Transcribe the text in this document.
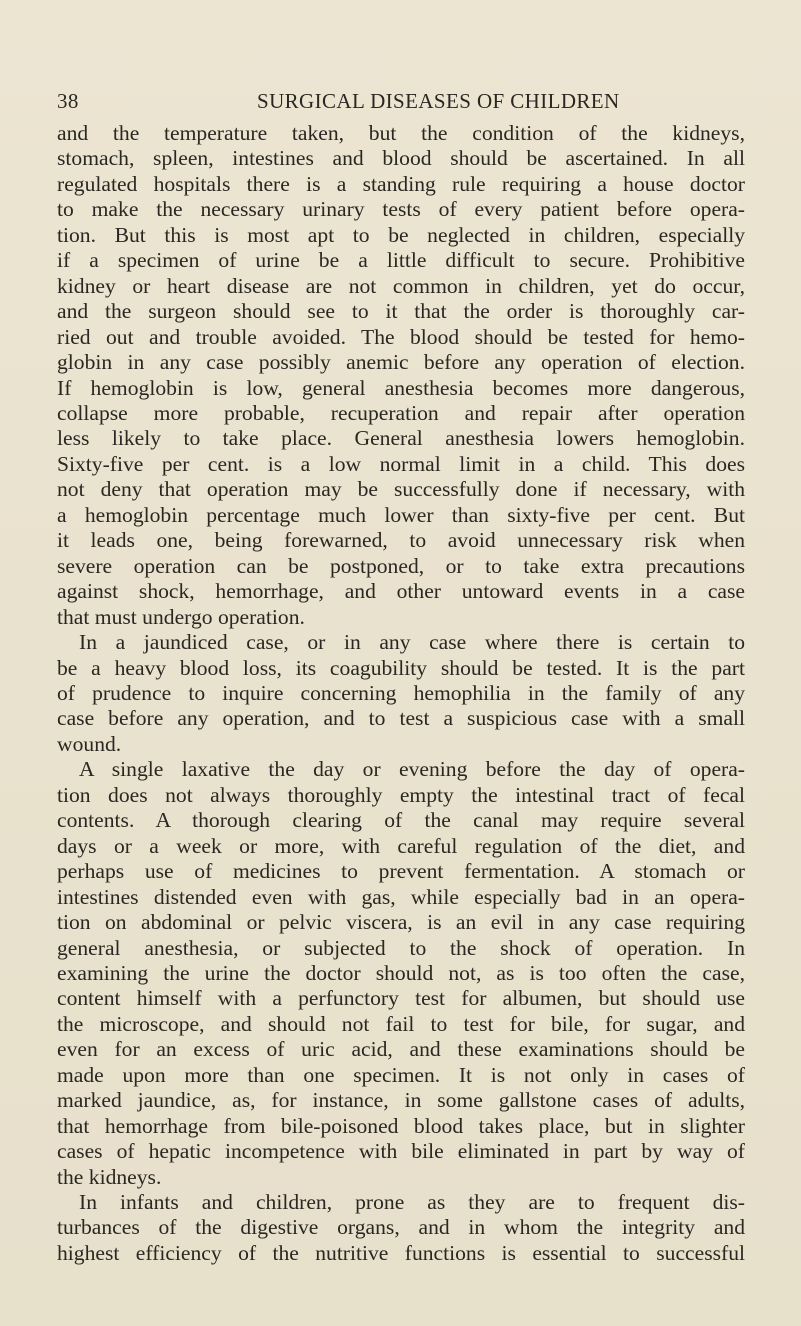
38	SURGICAL DISEASES OF CHILDREN
and the temperature taken, but the condition of the kidneys,
stomach, spleen, intestines and blood should be ascertained. In all
regulated hospitals there is a standing rule requiring a house doctor
to make the necessary urinary tests of every patient before opera-
tion. But this is most apt to be neglected in children, especially
if a specimen of urine be a little difficult to secure. Prohibitive
kidney or heart disease are not common in children, yet do occur,
and the surgeon should see to it that the order is thoroughly car-
ried out and trouble avoided. The blood should be tested for hemo-
globin in any case possibly anemic before any operation of election.
If hemoglobin is low, general anesthesia becomes more dangerous,
collapse more probable, recuperation and repair after operation
less likely to take place. General anesthesia lowers hemoglobin.
Sixty-five per cent. is a low normal limit in a child. This does
not deny that operation may be successfully done if necessary, with
a hemoglobin percentage much lower than sixty-five per cent. But
it leads one, being forewarned, to avoid unnecessary risk when
severe operation can be postponed, or to take extra precautions
against shock, hemorrhage, and other untoward events in a case
that must undergo operation.
In a jaundiced case, or in any case where there is certain to
be a heavy blood loss, its coagubility should be tested. It is the part
of prudence to inquire concerning hemophilia in the family of any
case before any operation, and to test a suspicious case with a small
wound.
A single laxative the day or evening before the day of opera-
tion does not always thoroughly empty the intestinal tract of fecal
contents. A thorough clearing of the canal may require several
days or a week or more, with careful regulation of the diet, and
perhaps use of medicines to prevent fermentation. A stomach or
intestines distended even with gas, while especially bad in an opera-
tion on abdominal or pelvic viscera, is an evil in any case requiring
general anesthesia, or subjected to the shock of operation. In
examining the urine the doctor should not, as is too often the case,
content himself with a perfunctory test for albumen, but should use
the microscope, and should not fail to test for bile, for sugar, and
even for an excess of uric acid, and these examinations should be
made upon more than one specimen. It is not only in cases of
marked jaundice, as, for instance, in some gallstone cases of adults,
that hemorrhage from bile-poisoned blood takes place, but in slighter
cases of hepatic incompetence with bile eliminated in part by way of
the kidneys.
In infants and children, prone as they are to frequent dis-
turbances of the digestive organs, and in whom the integrity and
highest efficiency of the nutritive functions is essential to successful
